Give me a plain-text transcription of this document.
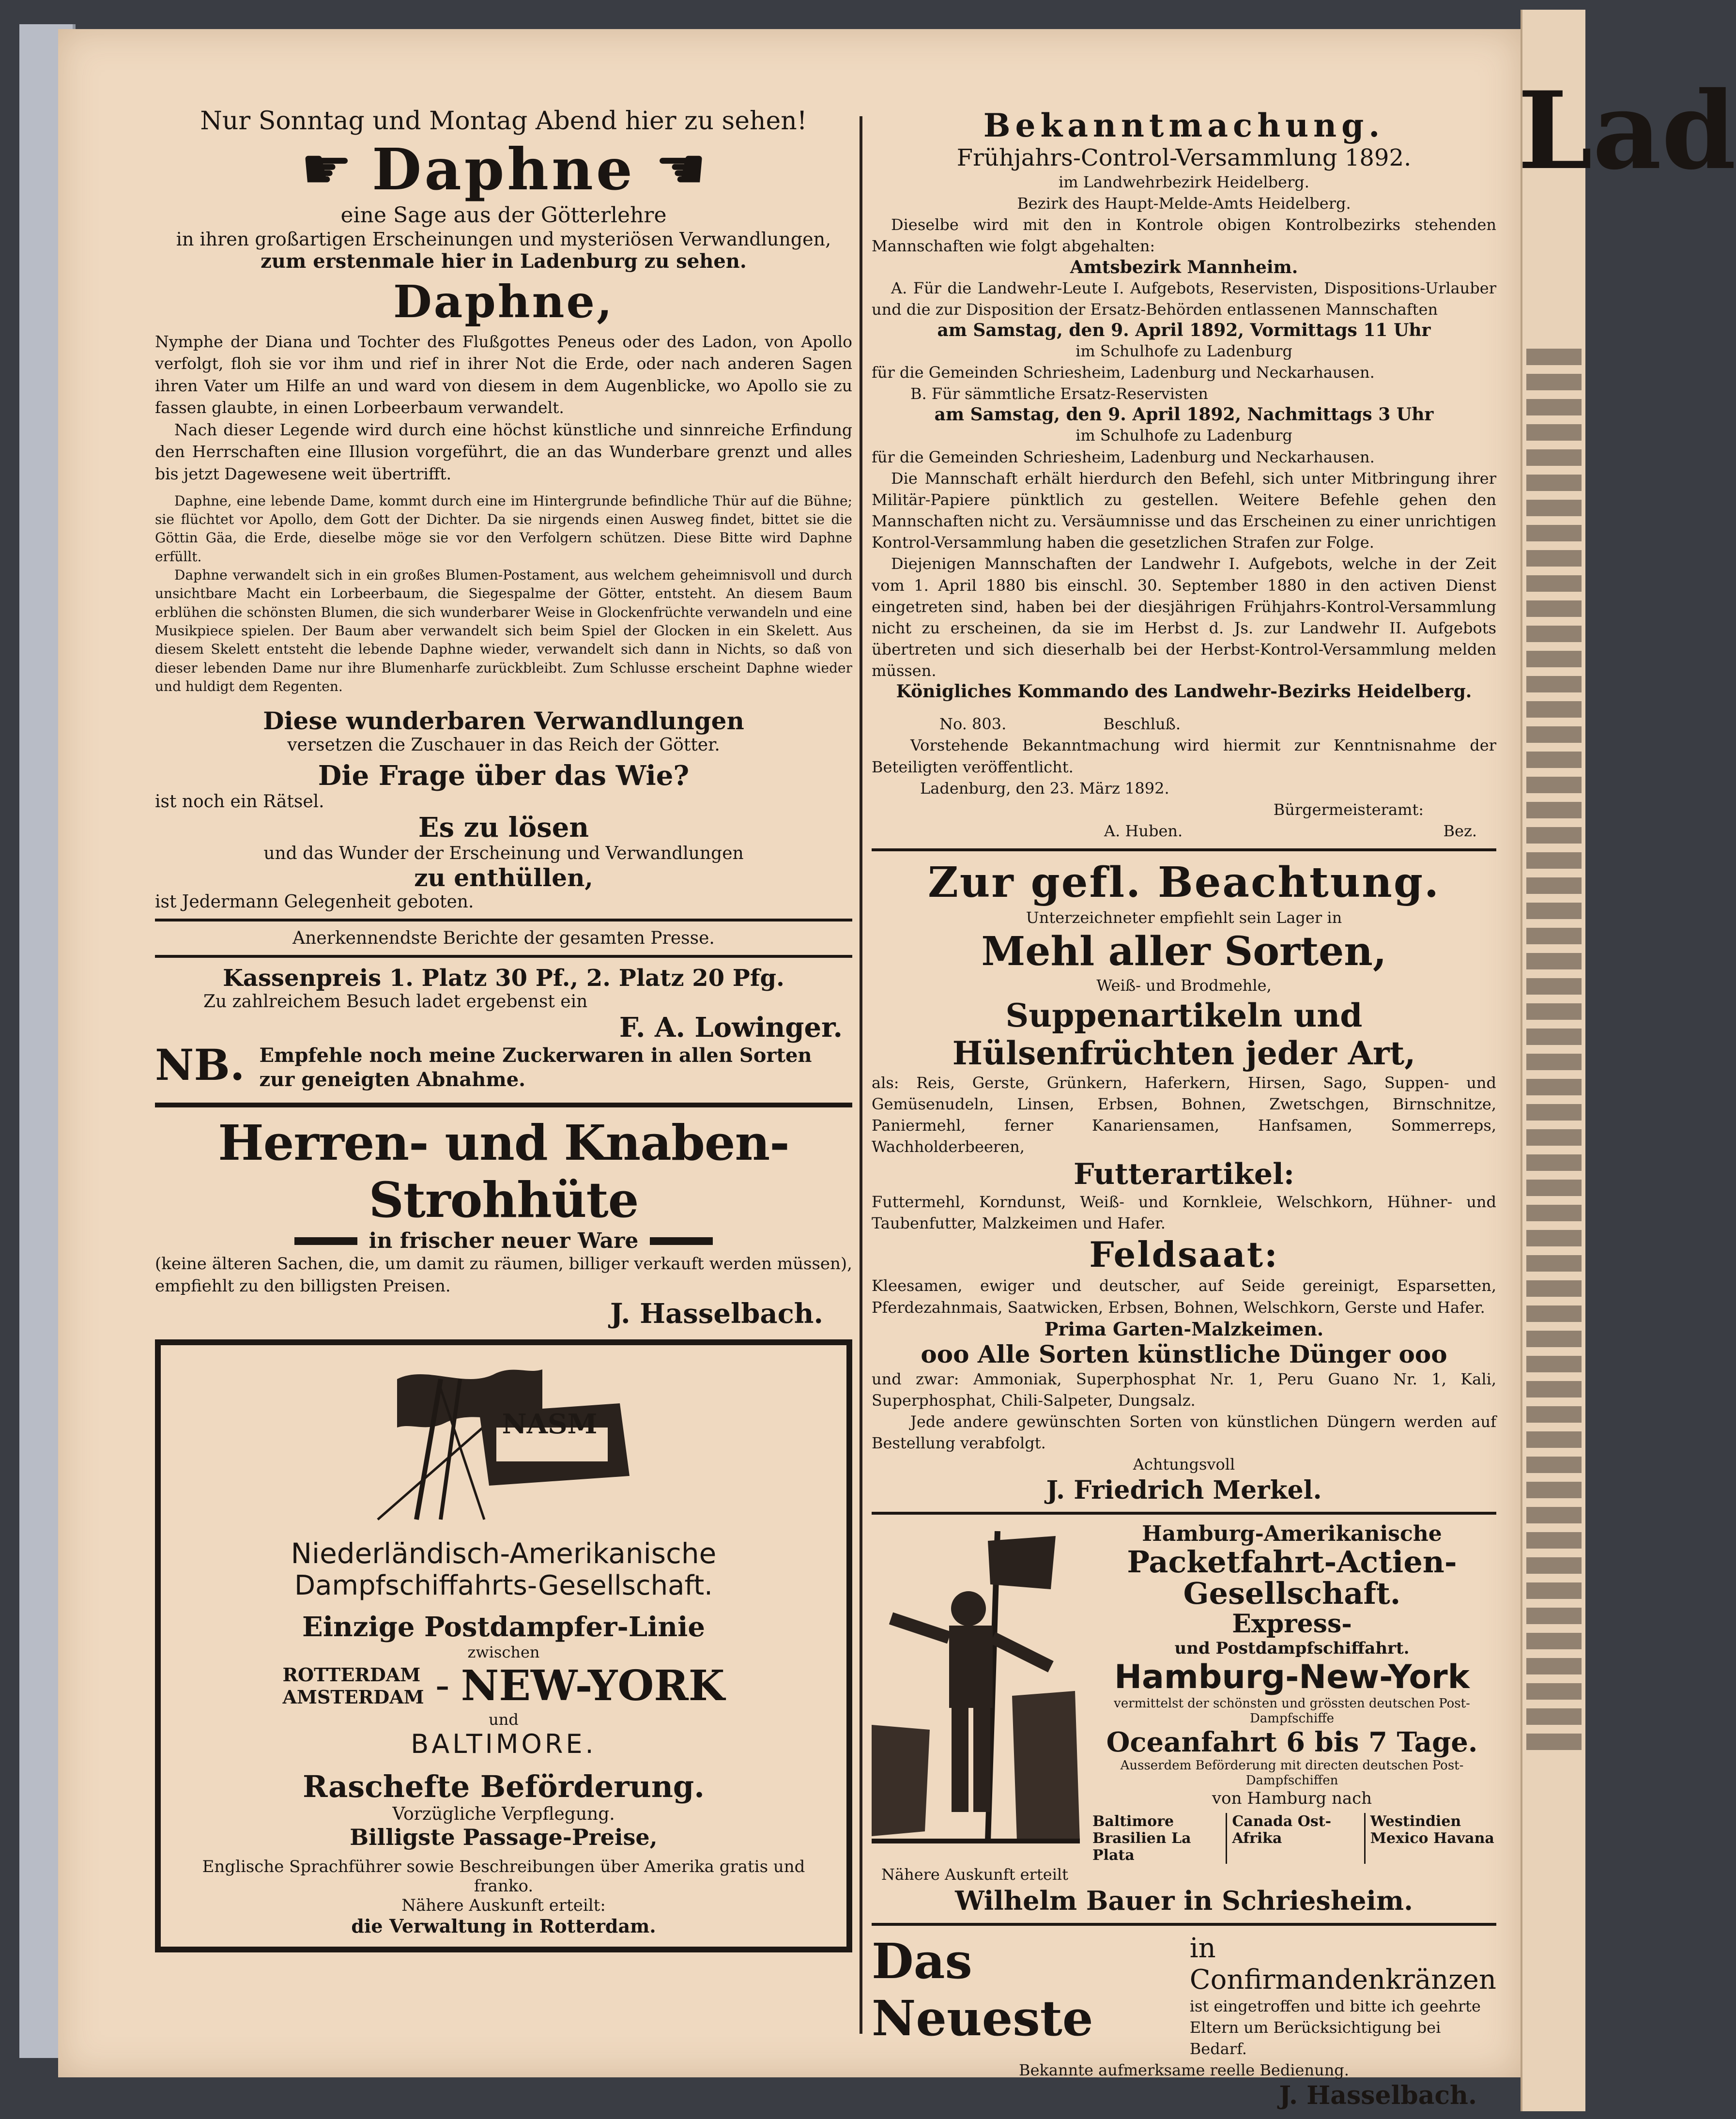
Lad

Nur Sonntag und Montag Abend hier zu sehen!

☛ Daphne ☛

eine Sage aus der Götterlehre

in ihren großartigen Erscheinungen und mysteriösen Verwandlungen,

zum erstenmale hier in Ladenburg zu sehen.

Daphne,

Nymphe der Diana und Tochter des Flußgottes Peneus oder des Ladon, von Apollo verfolgt, floh sie vor ihm und rief in ihrer Not die Erde, oder nach anderen Sagen ihren Vater um Hilfe an und ward von diesem in dem Augenblicke, wo Apollo sie zu fassen glaubte, in einen Lorbeerbaum verwandelt.

Nach dieser Legende wird durch eine höchst künstliche und sinnreiche Erfindung den Herrschaften eine Illusion vorgeführt, die an das Wunderbare grenzt und alles bis jetzt Dagewesene weit übertrifft.

Daphne, eine lebende Dame, kommt durch eine im Hintergrunde befindliche Thür auf die Bühne; sie flüchtet vor Apollo, dem Gott der Dichter. Da sie nirgends einen Ausweg findet, bittet sie die Göttin Gäa, die Erde, dieselbe möge sie vor den Verfolgern schützen. Diese Bitte wird Daphne erfüllt.

Daphne verwandelt sich in ein großes Blumen-Postament, aus welchem geheimnisvoll und durch unsichtbare Macht ein Lorbeerbaum, die Siegespalme der Götter, entsteht. An diesem Baum erblühen die schönsten Blumen, die sich wunderbarer Weise in Glockenfrüchte verwandeln und eine Musikpiece spielen. Der Baum aber verwandelt sich beim Spiel der Glocken in ein Skelett. Aus diesem Skelett entsteht die lebende Daphne wieder, verwandelt sich dann in Nichts, so daß von dieser lebenden Dame nur ihre Blumenharfe zurückbleibt. Zum Schlusse erscheint Daphne wieder und huldigt dem Regenten.

Diese wunderbaren Verwandlungen

versetzen die Zuschauer in das Reich der Götter.

Die Frage über das Wie?

ist noch ein Rätsel.

Es zu lösen

und das Wunder der Erscheinung und Verwandlungen

zu enthüllen,

ist Jedermann Gelegenheit geboten.

Anerkennendste Berichte der gesamten Presse.

Kassenpreis 1. Platz 30 Pf., 2. Platz 20 Pfg.

Zu zahlreichem Besuch ladet ergebenst ein

F. A. Lowinger.

NB. Empfehle noch meine Zuckerwaren in allen Sorten zur geneigten Abnahme.

Herren- und Knaben-Strohhüte

in frischer neuer Ware

(keine älteren Sachen, die, um damit zu räumen, billiger verkauft werden müssen), empfiehlt zu den billigsten Preisen.

J. Hasselbach.

NASM

Niederländisch-Amerikanische

Dampfschiffahrts-Gesellschaft.

Einzige Postdampfer-Linie

zwischen

ROTTERDAM
AMSTERDAM – NEW-YORK

und

BALTIMORE.

Raschefte Beförderung.

Vorzügliche Verpflegung.

Billigste Passage-Preise,

Englische Sprachführer sowie Beschreibungen über Amerika gratis und franko.

Nähere Auskunft erteilt:

die Verwaltung in Rotterdam.

Bekanntmachung.

Frühjahrs-Control-Versammlung 1892.

im Landwehrbezirk Heidelberg.

Bezirk des Haupt-Melde-Amts Heidelberg.

Dieselbe wird mit den in Kontrole obigen Kontrolbezirks stehenden Mannschaften wie folgt abgehalten:

Amtsbezirk Mannheim.

A. Für die Landwehr-Leute I. Aufgebots, Reservisten, Dispositions-Urlauber und die zur Disposition der Ersatz-Behörden entlassenen Mannschaften

am Samstag, den 9. April 1892, Vormittags 11 Uhr

im Schulhofe zu Ladenburg

für die Gemeinden Schriesheim, Ladenburg und Neckarhausen.

B. Für sämmtliche Ersatz-Reservisten

am Samstag, den 9. April 1892, Nachmittags 3 Uhr

im Schulhofe zu Ladenburg

für die Gemeinden Schriesheim, Ladenburg und Neckarhausen.

Die Mannschaft erhält hierdurch den Befehl, sich unter Mitbringung ihrer Militär-Papiere pünktlich zu gestellen. Weitere Befehle gehen den Mannschaften nicht zu. Versäumnisse und das Erscheinen zu einer unrichtigen Kontrol-Versammlung haben die gesetzlichen Strafen zur Folge.

Diejenigen Mannschaften der Landwehr I. Aufgebots, welche in der Zeit vom 1. April 1880 bis einschl. 30. September 1880 in den activen Dienst eingetreten sind, haben bei der diesjährigen Frühjahrs-Kontrol-Versammlung nicht zu erscheinen, da sie im Herbst d. Js. zur Landwehr II. Aufgebots übertreten und sich dieserhalb bei der Herbst-Kontrol-Versammlung melden müssen.

Königliches Kommando des Landwehr-Bezirks Heidelberg.

No. 803.	Beschluß.

Vorstehende Bekanntmachung wird hiermit zur Kenntnisnahme der Beteiligten veröffentlicht.

Ladenburg, den 23. März 1892.

Bürgermeisteramt:

A. Huben.	Bez.

Zur gefl. Beachtung.

Unterzeichneter empfiehlt sein Lager in

Mehl aller Sorten,

Weiß- und Brodmehle,

Suppenartikeln und Hülsenfrüchten jeder Art,

als: Reis, Gerste, Grünkern, Haferkern, Hirsen, Sago, Suppen- und Gemüsenudeln, Linsen, Erbsen, Bohnen, Zwetschgen, Birnschnitze, Paniermehl, ferner Kanariensamen, Hanfsamen, Sommerreps, Wachholderbeeren,

Futterartikel:

Futtermehl, Korndunst, Weiß- und Kornkleie, Welschkorn, Hühner- und Taubenfutter, Malzkeimen und Hafer.

Feldsaat:

Kleesamen, ewiger und deutscher, auf Seide gereinigt, Esparsetten, Pferdezahnmais, Saatwicken, Erbsen, Bohnen, Welschkorn, Gerste und Hafer.

Prima Garten-Malzkeimen.

ooo Alle Sorten künstliche Dünger ooo

und zwar: Ammoniak, Superphosphat Nr. 1, Peru Guano Nr. 1, Kali, Superphosphat, Chili-Salpeter, Dungsalz.

Jede andere gewünschten Sorten von künstlichen Düngern werden auf Bestellung verabfolgt.

Achtungsvoll

J. Friedrich Merkel.

Hamburg-Amerikanische

Packetfahrt-Actien-Gesellschaft.

Express-

und Postdampfschiffahrt.

Hamburg-New-York

vermittelst der schönsten und grössten deutschen Post-Dampfschiffe

Oceanfahrt 6 bis 7 Tage.

Ausserdem Beförderung mit directen deutschen Post-Dampfschiffen

von Hamburg nach

Baltimore Brasilien La Plata
Canada Ost-Afrika
Westindien Mexico Havana

Nähere Auskunft erteilt

Wilhelm Bauer in Schriesheim.

Das Neueste

in Confirmandenkränzen

ist eingetroffen und bitte ich geehrte Eltern um Berücksichtigung bei Bedarf.

Bekannte aufmerksame reelle Bedienung.

J. Hasselbach.
